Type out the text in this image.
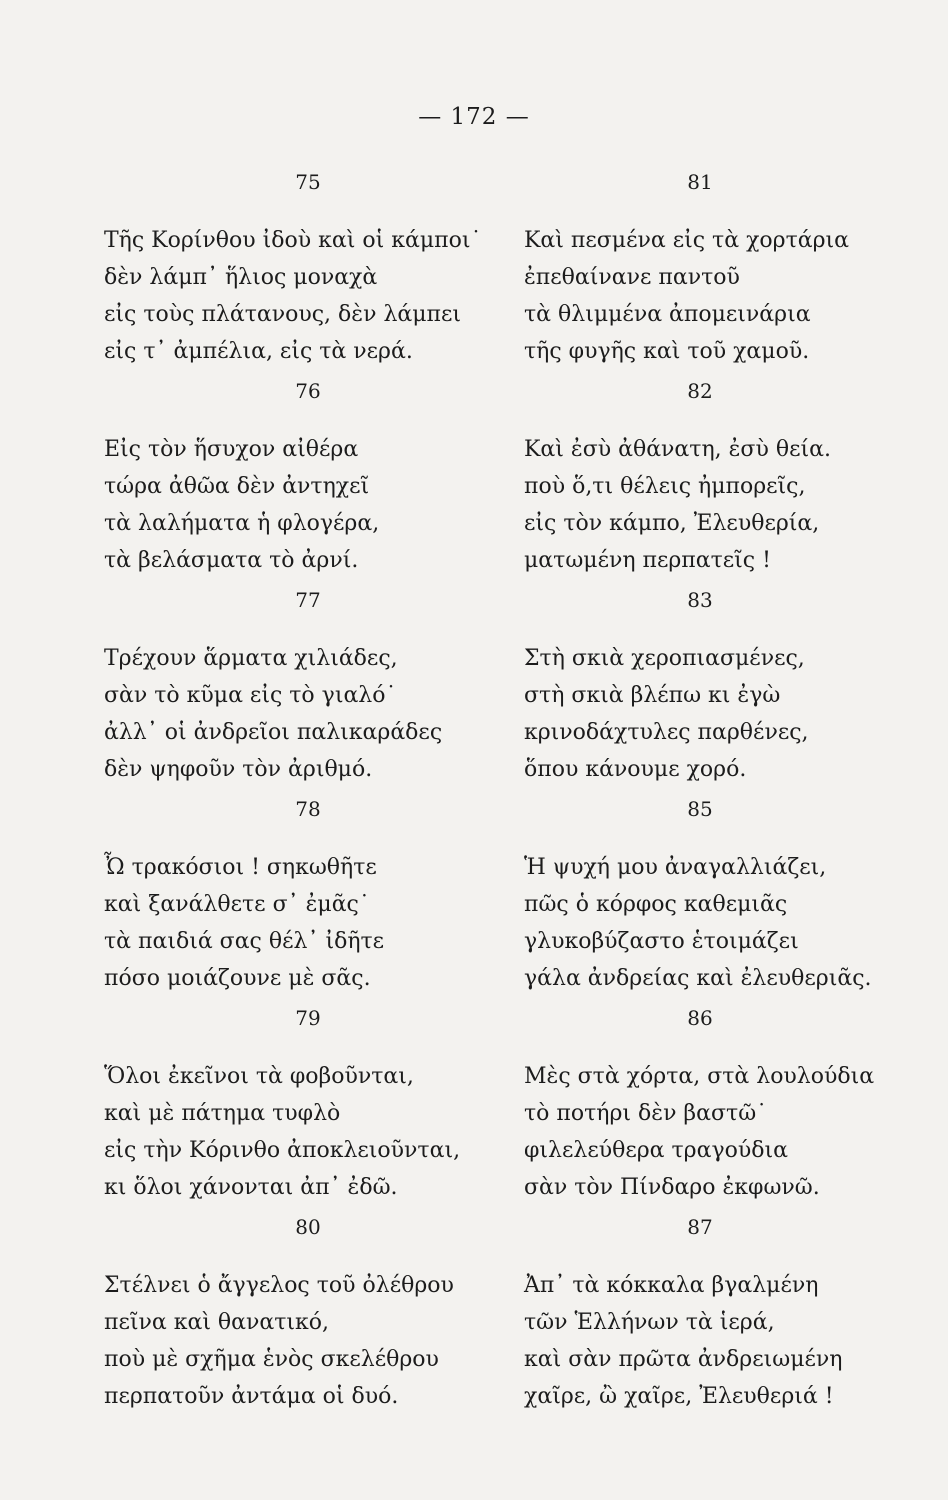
— 172 —
75
Τῆς Κορίνθου ἰδοὺ καὶ οἱ κάμποι˙
δὲν λάμπ᾽ ἥλιος μοναχὰ
εἰς τοὺς πλάτανους, δὲν λάμπει
εἰς τ᾽ ἀμπέλια, εἰς τὰ νερά.
76
Εἰς τὸν ἥσυχον αἰθέρα
τώρα ἀθῶα δὲν ἀντηχεῖ
τὰ λαλήματα ἡ φλογέρα,
τὰ βελάσματα τὸ ἀρνί.
77
Τρέχουν ἅρματα χιλιάδες,
σὰν τὸ κῦμα εἰς τὸ γιαλό˙
ἀλλ᾽ οἱ ἀνδρεῖοι παλικαράδες
δὲν ψηφοῦν τὸν ἀριθμό.
78
Ὦ τρακόσιοι ! σηκωθῆτε
καὶ ξανάλθετε σ᾽ ἐμᾶς˙
τὰ παιδιά σας θέλ᾽ ἰδῆτε
πόσο μοιάζουνε μὲ σᾶς.
79
Ὅλοι ἐκεῖνοι τὰ φοβοῦνται,
καὶ μὲ πάτημα τυφλὸ
εἰς τὴν Κόρινθο ἀποκλειοῦνται,
κι ὅλοι χάνονται ἀπ᾽ ἐδῶ.
80
Στέλνει ὁ ἄγγελος τοῦ ὀλέθρου
πεῖνα καὶ θανατικό,
ποὺ μὲ σχῆμα ἑνὸς σκελέθρου
περπατοῦν ἀντάμα οἱ δυό.
81
Καὶ πεσμένα εἰς τὰ χορτάρια
ἐπεθαίνανε παντοῦ
τὰ θλιμμένα ἀπομεινάρια
τῆς φυγῆς καὶ τοῦ χαμοῦ.
82
Καὶ ἐσὺ ἀθάνατη, ἐσὺ θεία.
ποὺ ὅ,τι θέλεις ἠμπορεῖς,
εἰς τὸν κάμπο, Ἐλευθερία,
ματωμένη περπατεῖς !
83
Στὴ σκιὰ χεροπιασμένες,
στὴ σκιὰ βλέπω κι ἐγὼ
κρινοδάχτυλες παρθένες,
ὅπου κάνουμε χορό.
85
Ἡ ψυχή μου ἀναγαλλιάζει,
πῶς ὁ κόρφος καθεμιᾶς
γλυκοβύζαστο ἑτοιμάζει
γάλα ἀνδρείας καὶ ἐλευθεριᾶς.
86
Μὲς στὰ χόρτα, στὰ λουλούδια
τὸ ποτήρι δὲν βαστῶ˙
φιλελεύθερα τραγούδια
σὰν τὸν Πίνδαρο ἐκφωνῶ.
87
Ἀπ᾽ τὰ κόκκαλα βγαλμένη
τῶν Ἑλλήνων τὰ ἱερά,
καὶ σὰν πρῶτα ἀνδρειωμένη
χαῖρε, ὢ χαῖρε, Ἐλευθεριά !
